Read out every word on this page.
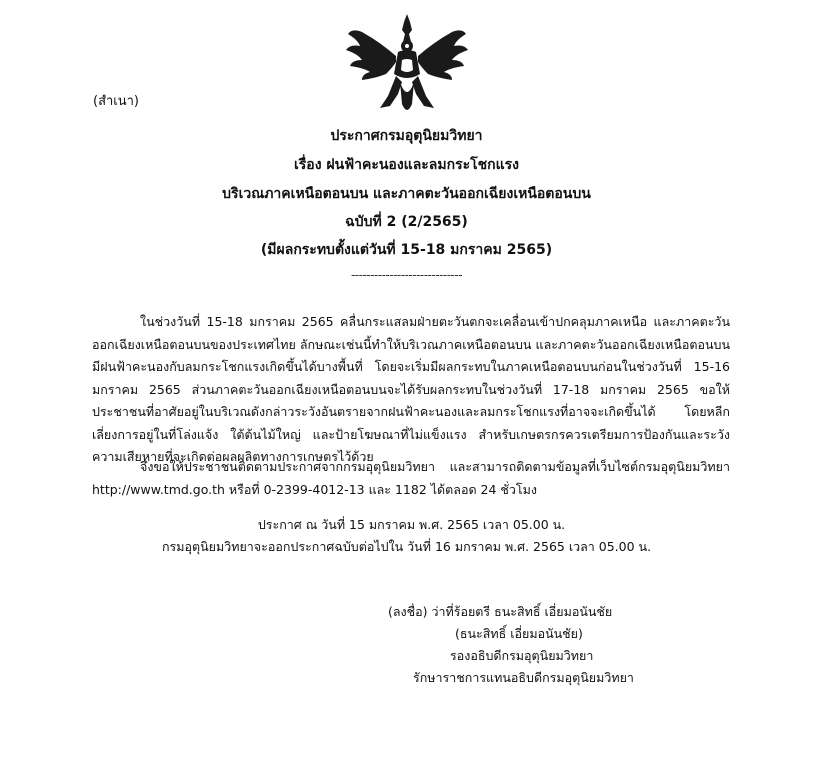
(สำเนา)
ประกาศกรมอุตุนิยมวิทยา
เรื่อง ฝนฟ้าคะนองและลมกระโชกแรง
บริเวณภาคเหนือตอนบน และภาคตะวันออกเฉียงเหนือตอนบน
ฉบับที่ 2 (2/2565)
(มีผลกระทบตั้งแต่วันที่ 15-18 มกราคม 2565)
-----------------------------
ในช่วงวันที่ 15-18 มกราคม 2565 คลื่นกระแสลมฝ่ายตะวันตกจะเคลื่อนเข้าปกคลุมภาคเหนือ และภาคตะวันออกเฉียงเหนือตอนบนของประเทศไทย ลักษณะเช่นนี้ทำให้บริเวณภาคเหนือตอนบน และภาคตะวันออกเฉียงเหนือตอนบนมีฝนฟ้าคะนองกับลมกระโชกแรงเกิดขึ้นได้บางพื้นที่ โดยจะเริ่มมีผลกระทบในภาคเหนือตอนบนก่อนในช่วงวันที่ 15-16 มกราคม 2565 ส่วนภาคตะวันออกเฉียงเหนือตอนบนจะได้รับผลกระทบในช่วงวันที่ 17-18 มกราคม 2565 ขอให้ประชาชนที่อาศัยอยู่ในบริเวณดังกล่าวระวังอันตรายจากฝนฟ้าคะนองและลมกระโชกแรงที่อาจจะเกิดขึ้นได้ โดยหลีกเลี่ยงการอยู่ในที่โล่งแจ้ง ใต้ต้นไม้ใหญ่ และป้ายโฆษณาที่ไม่แข็งแรง สำหรับเกษตรกรควรเตรียมการป้องกันและระวังความเสียหายที่จะเกิดต่อผลผลิตทางการเกษตรไว้ด้วย
จึงขอให้ประชาชนติดตามประกาศจากกรมอุตุนิยมวิทยา และสามารถติดตามข้อมูลที่เว็บไซต์กรมอุตุนิยมวิทยา http://www.tmd.go.th หรือที่ 0-2399-4012-13 และ 1182 ได้ตลอด 24 ชั่วโมง
ประกาศ ณ วันที่ 15 มกราคม พ.ศ. 2565 เวลา 05.00 น.
กรมอุตุนิยมวิทยาจะออกประกาศฉบับต่อไปใน วันที่ 16 มกราคม พ.ศ. 2565 เวลา 05.00 น.
(ลงชื่อ) ว่าที่ร้อยตรี ธนะสิทธิ์ เอี่ยมอนันชัย
(ธนะสิทธิ์ เอี่ยมอนันชัย)
รองอธิบดีกรมอุตุนิยมวิทยา
รักษาราชการแทนอธิบดีกรมอุตุนิยมวิทยา
